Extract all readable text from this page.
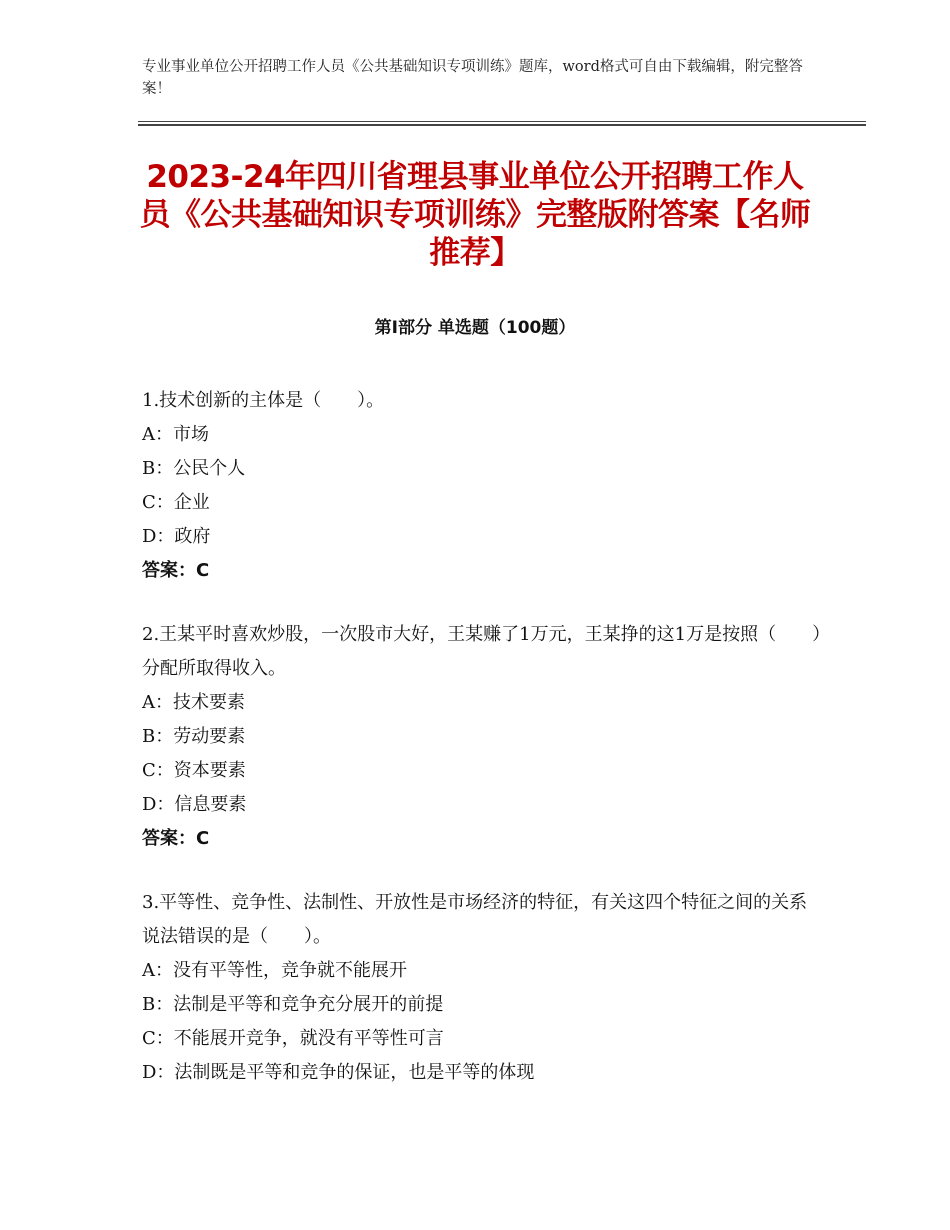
专业事业单位公开招聘工作人员《公共基础知识专项训练》题库，word格式可自由下载编辑，附完整答案！
2023-24年四川省理县事业单位公开招聘工作人员《公共基础知识专项训练》完整版附答案【名师推荐】
第I部分 单选题（100题）

1.技术创新的主体是（　　）。

A：市场

B：公民个人

C：企业

D：政府

答案：C

2.王某平时喜欢炒股，一次股市大好，王某赚了1万元，王某挣的这1万是按照（　　）分配所取得收入。

A：技术要素

B：劳动要素

C：资本要素

D：信息要素

答案：C

3.平等性、竞争性、法制性、开放性是市场经济的特征，有关这四个特征之间的关系说法错误的是（　　）。

A：没有平等性，竞争就不能展开

B：法制是平等和竞争充分展开的前提

C：不能展开竞争，就没有平等性可言

D：法制既是平等和竞争的保证，也是平等的体现
